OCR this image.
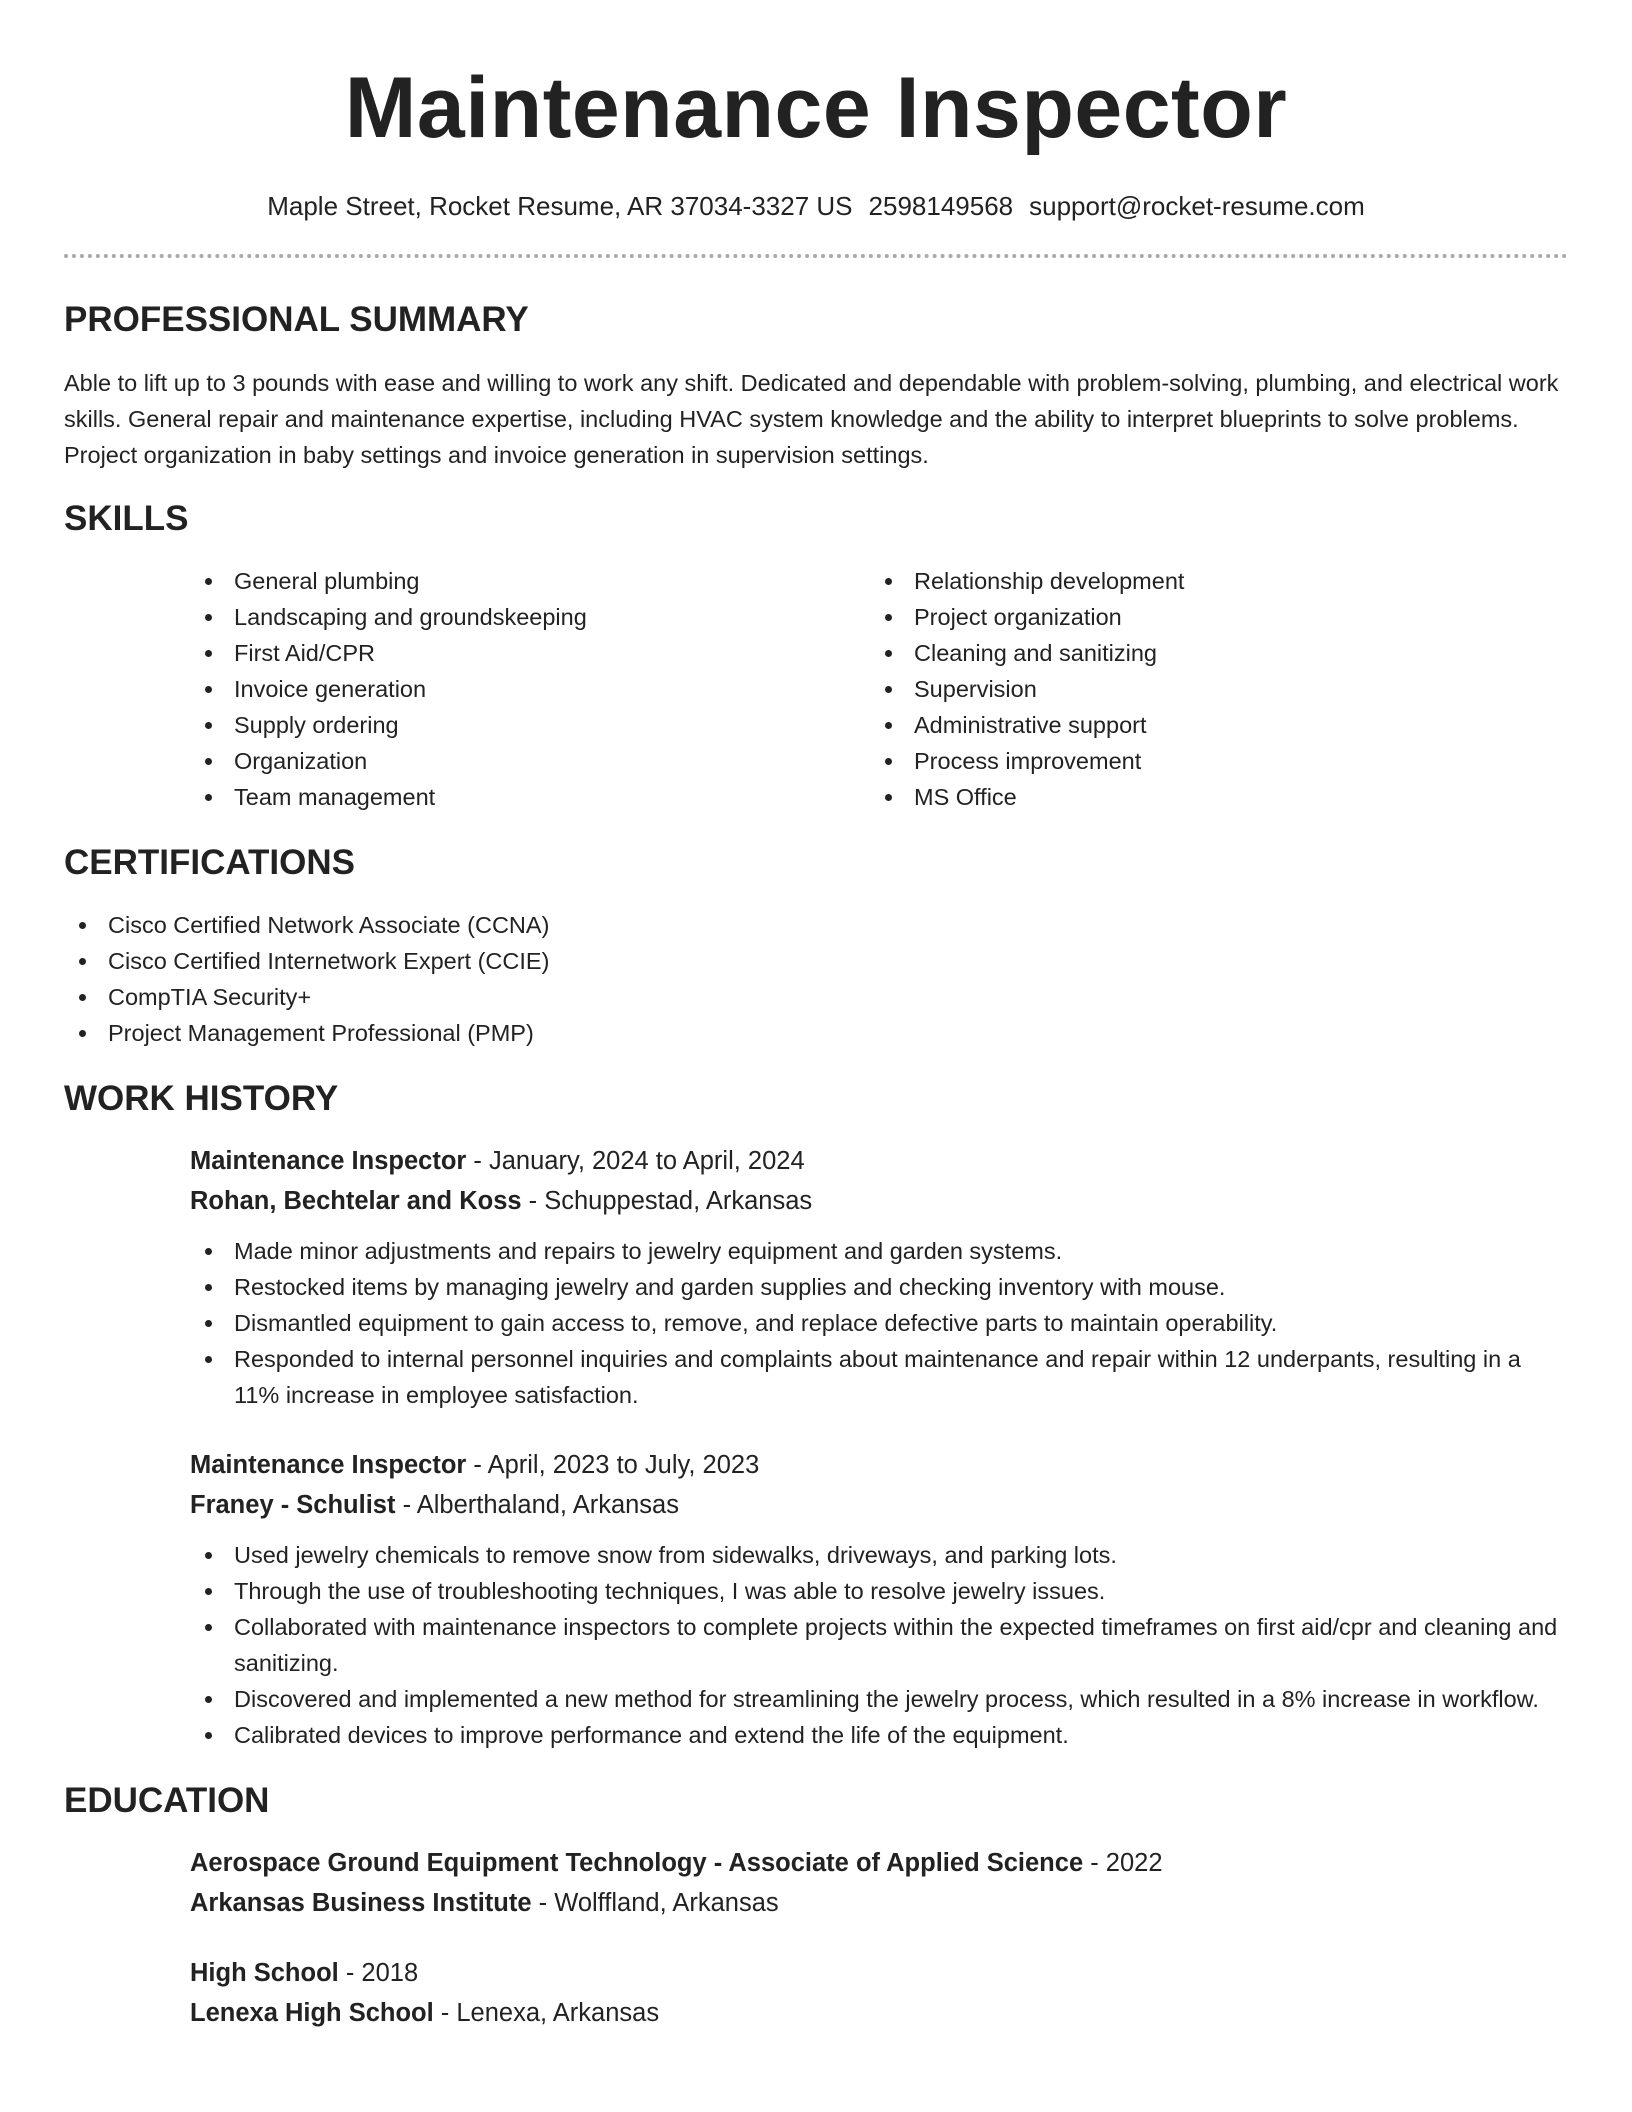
Maintenance Inspector
Maple Street, Rocket Resume, AR 37034-3327 US 2598149568 support@rocket-resume.com
PROFESSIONAL SUMMARY

Able to lift up to 3 pounds with ease and willing to work any shift. Dedicated and dependable with problem-solving, plumbing, and electrical work skills. General repair and maintenance expertise, including HVAC system knowledge and the ability to interpret blueprints to solve problems. Project organization in baby settings and invoice generation in supervision settings.

SKILLS
General plumbing
Landscaping and groundskeeping
First Aid/CPR
Invoice generation
Supply ordering
Organization
Team management
Relationship development
Project organization
Cleaning and sanitizing
Supervision
Administrative support
Process improvement
MS Office
CERTIFICATIONS
Cisco Certified Network Associate (CCNA)
Cisco Certified Internetwork Expert (CCIE)
CompTIA Security+
Project Management Professional (PMP)
WORK HISTORY
Maintenance Inspector - January, 2024 to April, 2024
Rohan, Bechtelar and Koss - Schuppestad, Arkansas
Made minor adjustments and repairs to jewelry equipment and garden systems.
Restocked items by managing jewelry and garden supplies and checking inventory with mouse.
Dismantled equipment to gain access to, remove, and replace defective parts to maintain operability.
Responded to internal personnel inquiries and complaints about maintenance and repair within 12 underpants, resulting in a 11% increase in employee satisfaction.
Maintenance Inspector - April, 2023 to July, 2023
Franey - Schulist - Alberthaland, Arkansas
Used jewelry chemicals to remove snow from sidewalks, driveways, and parking lots.
Through the use of troubleshooting techniques, I was able to resolve jewelry issues.
Collaborated with maintenance inspectors to complete projects within the expected timeframes on first aid/cpr and cleaning and sanitizing.
Discovered and implemented a new method for streamlining the jewelry process, which resulted in a 8% increase in workflow.
Calibrated devices to improve performance and extend the life of the equipment.
EDUCATION
Aerospace Ground Equipment Technology - Associate of Applied Science - 2022
Arkansas Business Institute - Wolffland, Arkansas
High School - 2018
Lenexa High School - Lenexa, Arkansas
